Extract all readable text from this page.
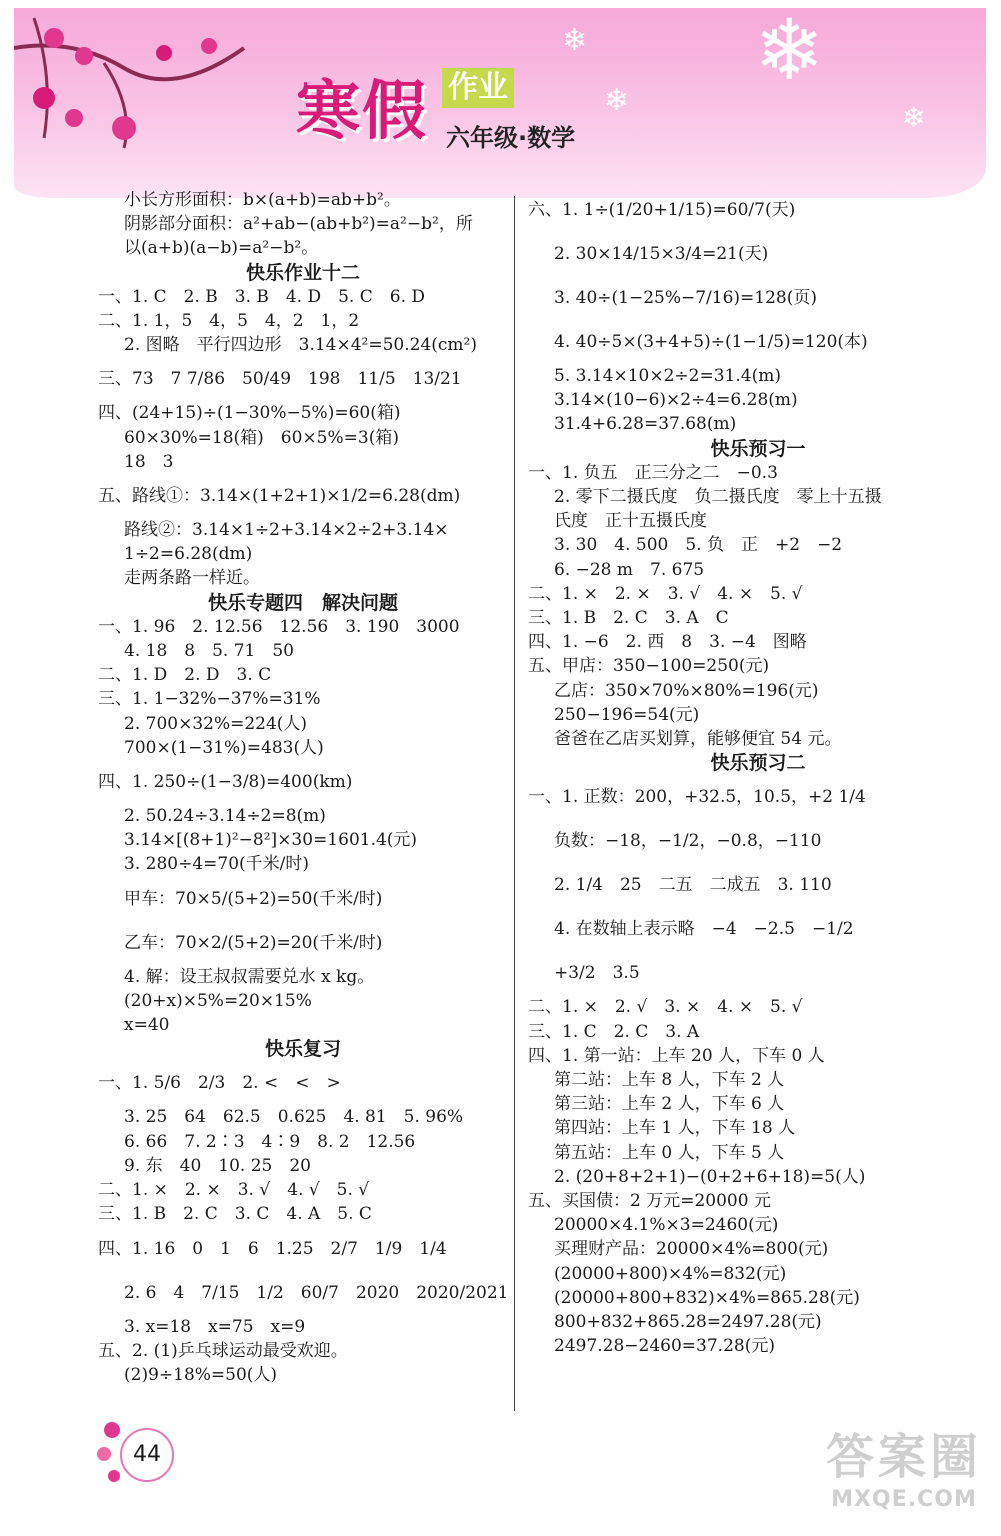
❄
❄
❄	❄
寒假 作业
六年级·数学
小长方形面积：b×(a+b)=ab+b²。
阴影部分面积：a²+ab−(ab+b²)=a²−b²，所
以(a+b)(a−b)=a²−b²。
快乐作业十二
一、1. C　2. B　3. B　4. D　5. C　6. D
二、1. 1，5　4，5　4，2　1，2
2. 图略　平行四边形　3.14×4²=50.24(cm²)
三、73　7 7/86　50/49　198　11/5　13/21
四、(24+15)÷(1−30%−5%)=60(箱)
60×30%=18(箱)　60×5%=3(箱)
18　3
五、路线①：3.14×(1+2+1)×1/2=6.28(dm)
路线②：3.14×1÷2+3.14×2÷2+3.14×
1÷2=6.28(dm)
走两条路一样近。
快乐专题四　解决问题
一、1. 96　2. 12.56　12.56　3. 190　3000
4. 18　8　5. 71　50
二、1. D　2. D　3. C
三、1. 1−32%−37%=31%
2. 700×32%=224(人)
700×(1−31%)=483(人)
四、1. 250÷(1−3/8)=400(km)
2. 50.24÷3.14÷2=8(m)
3.14×[(8+1)²−8²]×30=1601.4(元)
3. 280÷4=70(千米/时)
甲车：70×5/(5+2)=50(千米/时)
乙车：70×2/(5+2)=20(千米/时)
4. 解：设王叔叔需要兑水 x kg。
(20+x)×5%=20×15%
x=40
快乐复习
一、1. 5/6　2/3　2. <　<　>
3. 25　64　62.5　0.625　4. 81　5. 96%
6. 66　7. 2∶3　4∶9　8. 2　12.56
9. 东　40　10. 25　20
二、1. ×　2. ×　3. √　4. √　5. √
三、1. B　2. C　3. C　4. A　5. C
四、1. 16　0　1　6　1.25　2/7　1/9　1/4
2. 6　4　7/15　1/2　60/7　2020　2020/2021
3. x=18　x=75　x=9
五、2. (1)乒乓球运动最受欢迎。
(2)9÷18%=50(人)
六、1. 1÷(1/20+1/15)=60/7(天)
2. 30×14/15×3/4=21(天)
3. 40÷(1−25%−7/16)=128(页)
4. 40÷5×(3+4+5)÷(1−1/5)=120(本)
5. 3.14×10×2÷2=31.4(m)
3.14×(10−6)×2÷4=6.28(m)
31.4+6.28=37.68(m)
快乐预习一
一、1. 负五　正三分之二　−0.3
2. 零下二摄氏度　负二摄氏度　零上十五摄
氏度　正十五摄氏度
3. 30　4. 500　5. 负　正　+2　−2
6. −28 m　7. 675
二、1. ×　2. ×　3. √　4. ×　5. √
三、1. B　2. C　3. A　C
四、1. −6　2. 西　8　3. −4　图略
五、甲店：350−100=250(元)
乙店：350×70%×80%=196(元)
250−196=54(元)
爸爸在乙店买划算，能够便宜 54 元。
快乐预习二
一、1. 正数：200，+32.5，10.5，+2 1/4
负数：−18，−1/2，−0.8，−110
2. 1/4　25　二五　二成五　3. 110
4. 在数轴上表示略　−4　−2.5　−1/2
+3/2　3.5
二、1. ×　2. √　3. ×　4. ×　5. √
三、1. C　2. C　3. A
四、1. 第一站：上车 20 人，下车 0 人
第二站：上车 8 人，下车 2 人
第三站：上车 2 人，下车 6 人
第四站：上车 1 人，下车 18 人
第五站：上车 0 人，下车 5 人
2. (20+8+2+1)−(0+2+6+18)=5(人)
五、买国债：2 万元=20000 元
20000×4.1%×3=2460(元)
买理财产品：20000×4%=800(元)
(20000+800)×4%=832(元)
(20000+800+832)×4%=865.28(元)
800+832+865.28=2497.28(元)
2497.28−2460=37.28(元)
44	答案圈
MXQE.COM
